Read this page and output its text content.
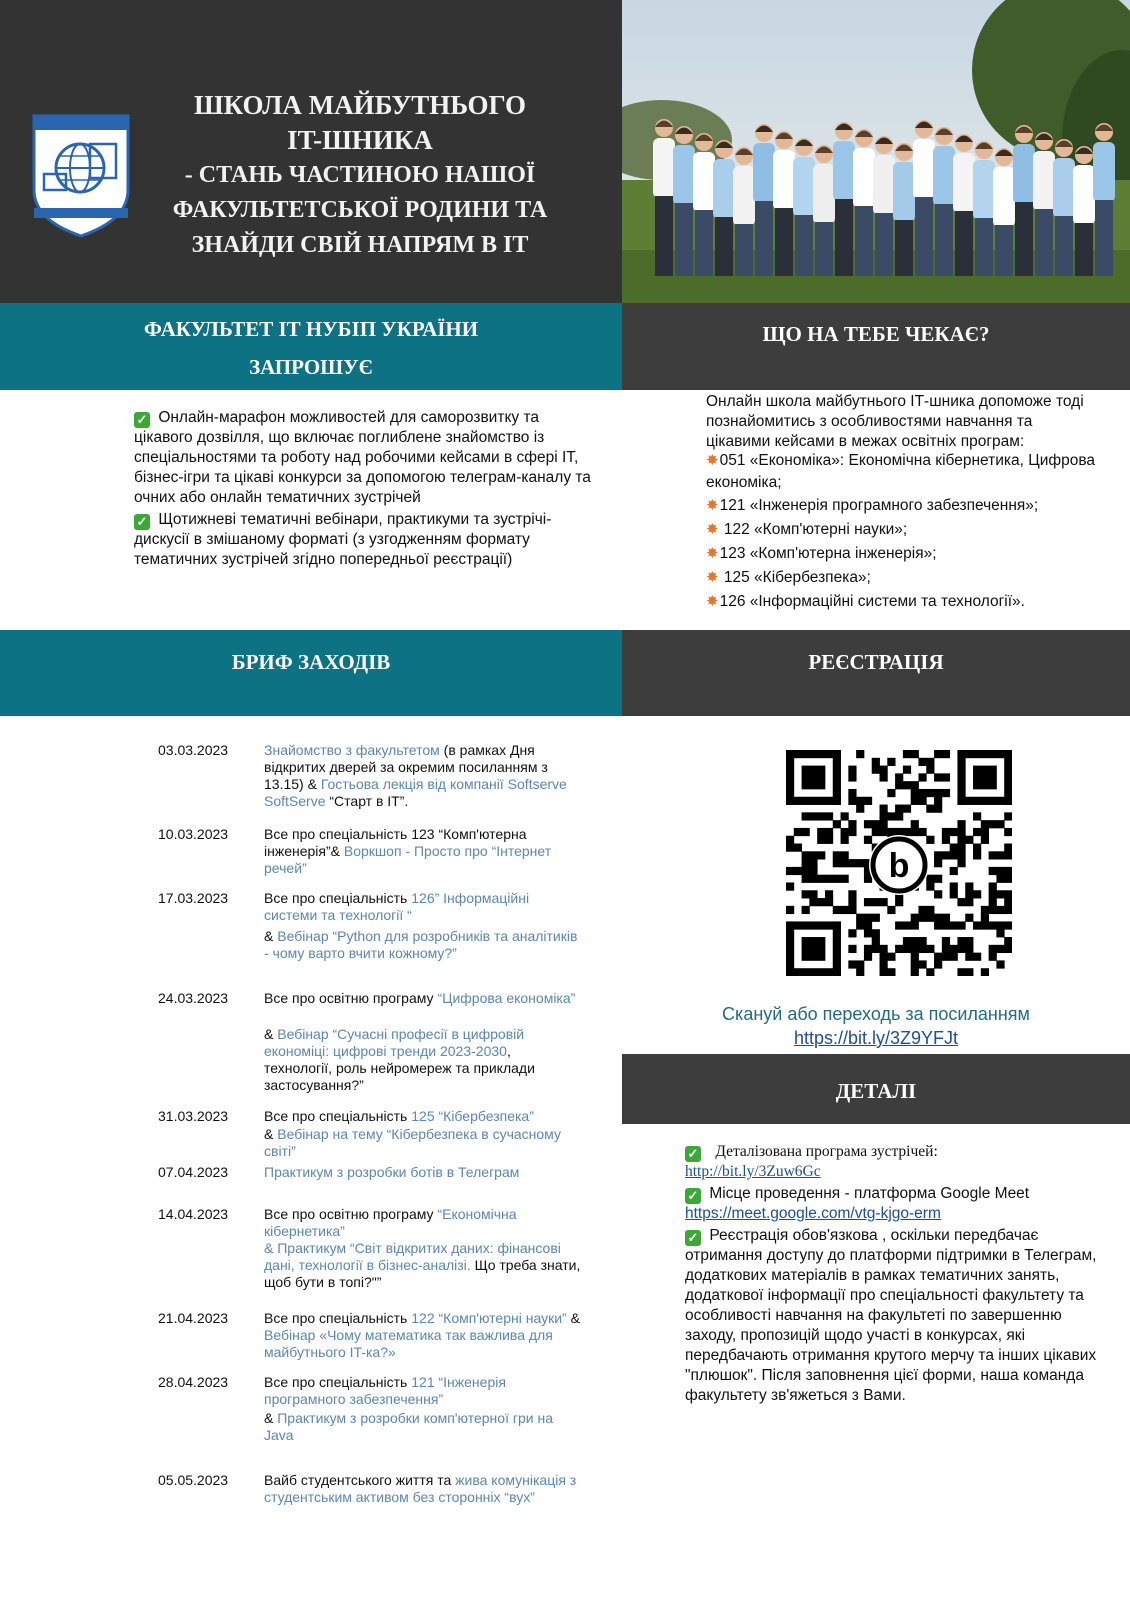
ШКОЛА МАЙБУТНЬОГО
IT-ШНИКА
- СТАНЬ ЧАСТИНОЮ НАШОЇ
ФАКУЛЬТЕТСЬКОЇ РОДИНИ ТА
ЗНАЙДИ СВІЙ НАПРЯМ В ІТ
ФАКУЛЬТЕТ ІТ НУБІП УКРАЇНИ
ЗАПРОШУЄ
ЩО НА ТЕБЕ ЧЕКАЄ?
✓ Онлайн-марафон можливостей для саморозвитку та цікавого дозвілля, що включає поглиблене знайомство із спеціальностями та роботу над робочими кейсами в сфері ІТ, бізнес-ігри та цікаві конкурси за допомогою телеграм-каналу та очних або онлайн тематичних зустрічей
✓ Щотижневі тематичні вебінари, практикуми та зустрічі-дискусії в змішаному форматі (з узгодженням формату тематичних зустрічей згідно попередньої реєстрації)
Онлайн школа майбутнього ІТ-шника допоможе тоді познайомитись з особливостями навчання та цікавими кейсами в межах освітніх програм:
✸051 «Економіка»: Економічна кібернетика, Цифрова економіка;
✸121 «Інженерія програмного забезпечення»;
✸ 122 «Комп'ютерні науки»;
✸123 «Комп'ютерна інженерія»;
✸ 125 «Кібербезпека»;
✸126 «Інформаційні системи та технології».
БРИФ ЗАХОДІВ	РЕЄСТРАЦІЯ
03.03.2023	Знайомство з факультетом (в рамках Дня відкритих дверей за окремим посиланням з 13.15) & Гостьова лекція від компанії Softserve SoftServe “Старт в ІТ”.
10.03.2023	Все про спеціальність 123 “Комп'ютерна інженерія”& Воркшоп - Просто про “Інтернет речей”
17.03.2023	Все про спеціальність 126” Інформаційні системи та технології “
& Вебінар “Python для розробників та аналітиків - чому варто вчити кожному?”
24.03.2023	Все про освітню програму “Цифрова економіка”
& Вебінар “Сучасні професії в цифровій економіці: цифрові тренди 2023-2030, технології, роль нейромереж та приклади застосування?”
31.03.2023	Все про спеціальність 125 “Кібербезпека”
& Вебінар на тему “Кібербезпека в сучасному світі”
07.04.2023	Практикум з розробки ботів в Телеграм
14.04.2023	Все про освітню програму “Економічна кібернетика”
& Практикум “Світ відкритих даних: фінансові дані, технології в бізнес-аналізі. Що треба знати, щоб бути в топі?"”
21.04.2023	Все про спеціальність 122 “Комп'ютерні науки” & Вебінар «Чому математика так важлива для майбутнього IT-ка?»
28.04.2023	Все про спеціальність 121 “Інженерія програмного забезпечення”
& Практикум з розробки комп'ютерної гри на Java
05.05.2023	Вайб студентського життя та жива комунікація з студентським активом без сторонніх “вух”
b
Скануй або переходь за посиланням
https://bit.ly/3Z9YFJt
ДЕТАЛІ
✓ Деталізована програма зустрічей:
http://bit.ly/3Zuw6Gc
✓ Місце проведення - платформа Google Meet
https://meet.google.com/vtg-kjgo-erm
✓ Реєстрація обов'язкова , оскільки передбачає отримання доступу до платформи підтримки в Телеграм, додаткових матеріалів в рамках тематичних занять, додаткової інформації про спеціальності факультету та особливості навчання на факультеті по завершенню заходу, пропозицій щодо участі в конкурсах, які передбачають отримання крутого мерчу та інших цікавих "плюшок". Після заповнення цієї форми, наша команда факультету зв'яжеться з Вами.
